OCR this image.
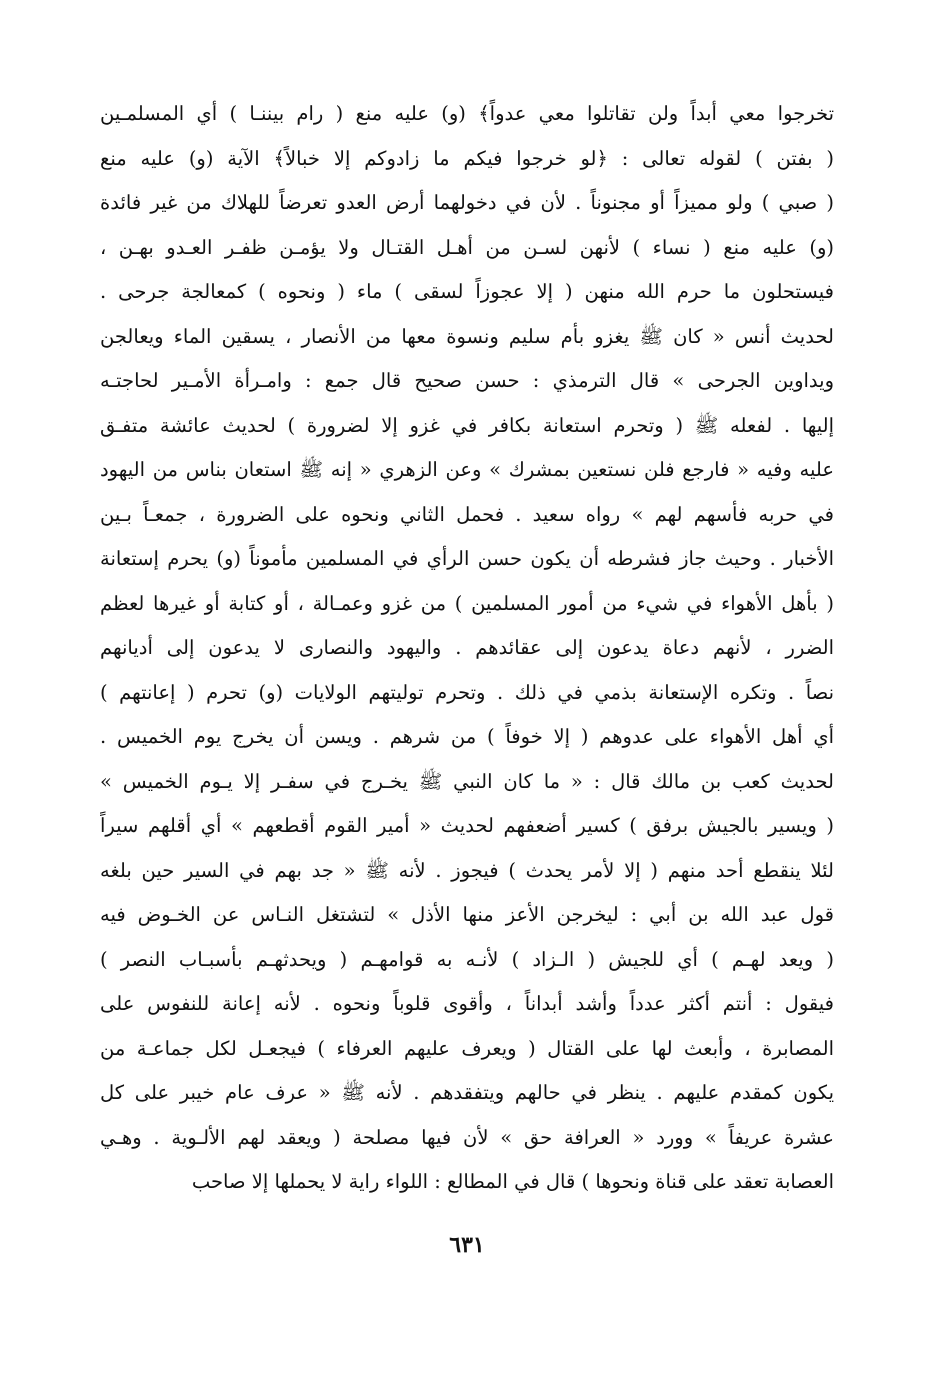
تخرجوا معي أبداً ولن تقاتلوا معي عدواً﴾ (و) عليه منع ( رام بيننـا ) أي المسلمـين
( بفتن ) لقوله تعالى : ﴿لو خرجوا فيكم ما زادوكم إلا خبالاً﴾ الآية (و) عليه منع
( صبي ) ولو مميزاً أو مجنوناً . لأن في دخولهما أرض العدو تعرضاً للهلاك من غير فائدة
(و) عليه منع ( نساء ) لأنهن لسـن من أهـل القتـال ولا يؤمـن ظفـر العـدو بهـن ،
فيستحلون ما حرم الله منهن ( إلا عجوزاً لسقى ) ماء ( ونحوه ) كمعالجة جرحى .
لحديث أنس « كان ﷺ يغزو بأم سليم ونسوة معها من الأنصار ، يسقين الماء ويعالجن
ويداوين الجرحى » قال الترمذي : حسن صحيح قال جمع : وامـرأة الأمـير لحاجتـه
إليها . لفعله ﷺ ( وتحرم استعانة بكافر في غزو إلا لضرورة ) لحديث عائشة متفـق
عليه وفيه « فارجع فلن نستعين بمشرك » وعن الزهري « إنه ﷺ استعان بناس من اليهود
في حربه فأسهم لهم » رواه سعيد . فحمل الثاني ونحوه على الضرورة ، جمعـاً بـين
الأخبار . وحيث جاز فشرطه أن يكون حسن الرأي في المسلمين مأموناً (و) يحرم إستعانة
( بأهل الأهواء في شيء من أمور المسلمين ) من غزو وعمـالة ، أو كتابة أو غيرها لعظم
الضرر ، لأنهم دعاة يدعون إلى عقائدهم . واليهود والنصارى لا يدعون إلى أديانهم
نصاً . وتكره الإستعانة بذمي في ذلك . وتحرم توليتهم الولايات (و) تحرم ( إعانتهم )
أي أهل الأهواء على عدوهم ( إلا خوفاً ) من شرهم . ويسن أن يخرج يوم الخميس .
لحديث كعب بن مالك قال : « ما كان النبي ﷺ يخـرج في سفـر إلا يـوم الخميس »
( ويسير بالجيش برفق ) كسير أضعفهم لحديث « أمير القوم أقطعهم » أي أقلهم سيراً
لئلا ينقطع أحد منهم ( إلا لأمر يحدث ) فيجوز . لأنه ﷺ « جد بهم في السير حين بلغه
قول عبد الله بن أبي : ليخرجن الأعز منها الأذل » لتشتغل النـاس عن الخـوض فيه
( ويعد لهـم ) أي للجيش ( الـزاد ) لأنـه به قوامهـم ( ويحدثهـم بأسبـاب النصر )
فيقول : أنتم أكثر عدداً وأشد أبداناً ، وأقوى قلوباً ونحوه . لأنه إعانة للنفوس على
المصابرة ، وأبعث لها على القتال ( ويعرف عليهم العرفاء ) فيجعـل لكل جماعـة من
يكون كمقدم عليهم . ينظر في حالهم ويتفقدهم . لأنه ﷺ « عرف عام خيبر على كل
عشرة عريفاً » وورد « العرافة حق » لأن فيها مصلحة ( ويعقد لهم الألـوية . وهـي
العصابة تعقد على قناة ونحوها ) قال في المطالع : اللواء راية لا يحملها إلا صاحب
٦٣١
